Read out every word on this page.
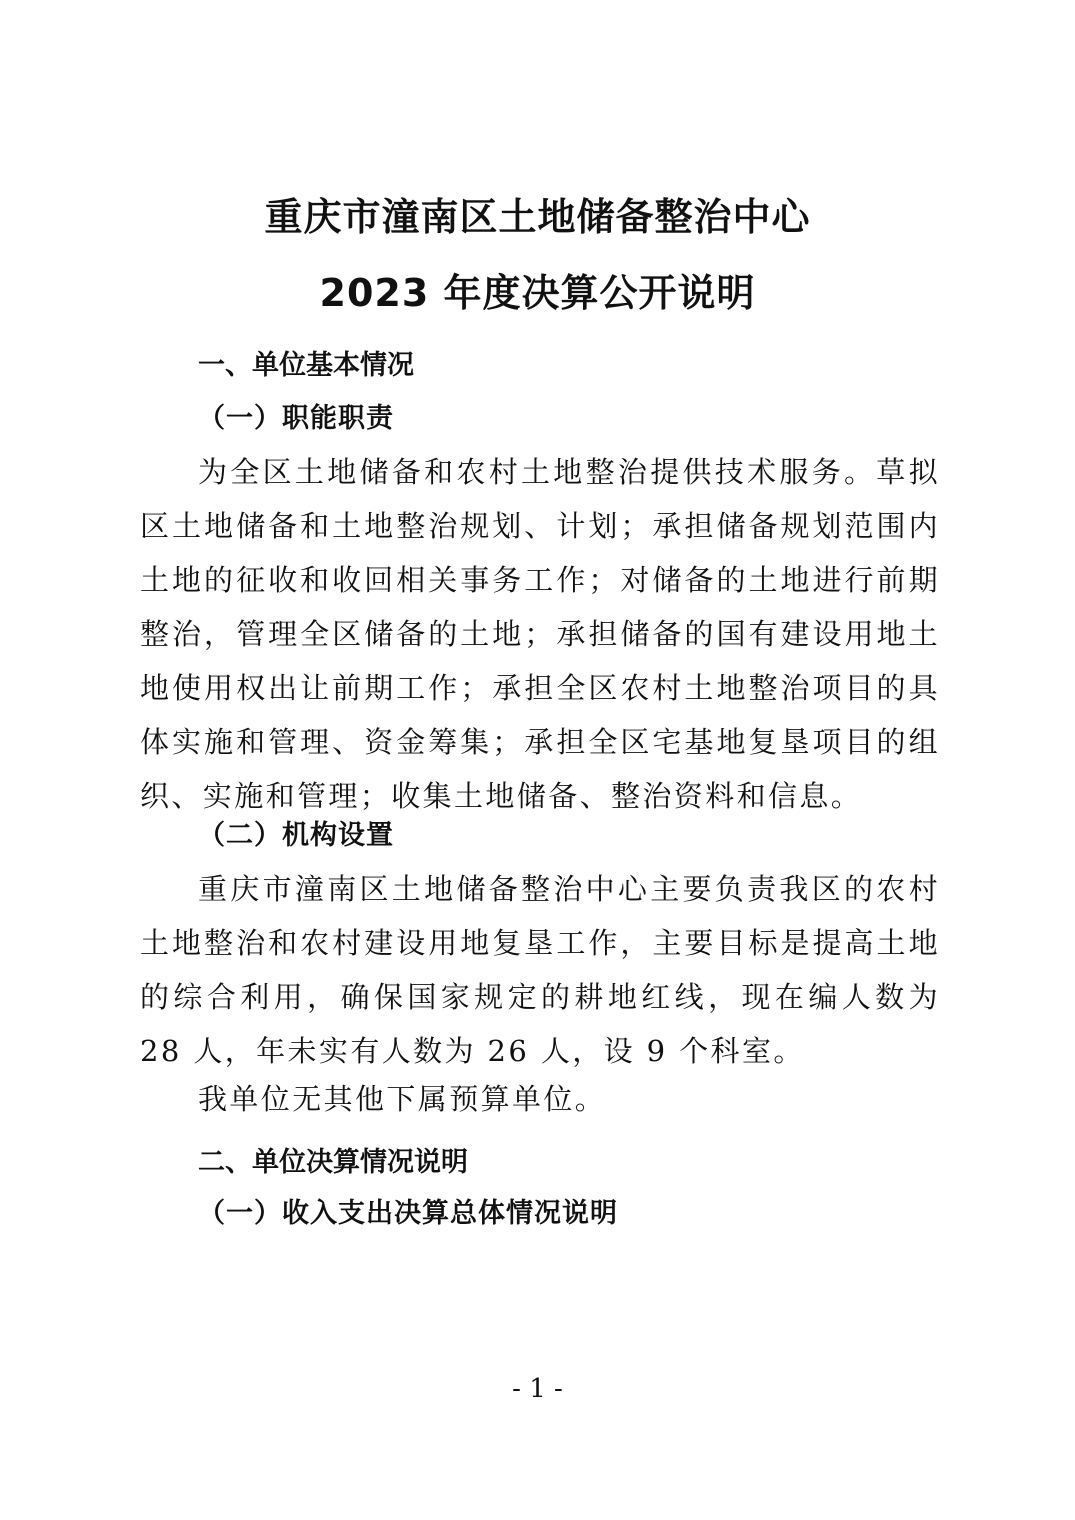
重庆市潼南区土地储备整治中心
2023 年度决算公开说明
一、单位基本情况
（一）职能职责

为全区土地储备和农村土地整治提供技术服务。草拟区土地储备和土地整治规划、计划；承担储备规划范围内土地的征收和收回相关事务工作；对储备的土地进行前期整治，管理全区储备的土地；承担储备的国有建设用地土地使用权出让前期工作；承担全区农村土地整治项目的具体实施和管理、资金筹集；承担全区宅基地复垦项目的组织、实施和管理；收集土地储备、整治资料和信息。

（二）机构设置

重庆市潼南区土地储备整治中心主要负责我区的农村土地整治和农村建设用地复垦工作，主要目标是提高土地的综合利用，确保国家规定的耕地红线，现在编人数为 28 人，年未实有人数为 26 人，设 9 个科室。

我单位无其他下属预算单位。

二、单位决算情况说明
（一）收入支出决算总体情况说明
- 1 -
